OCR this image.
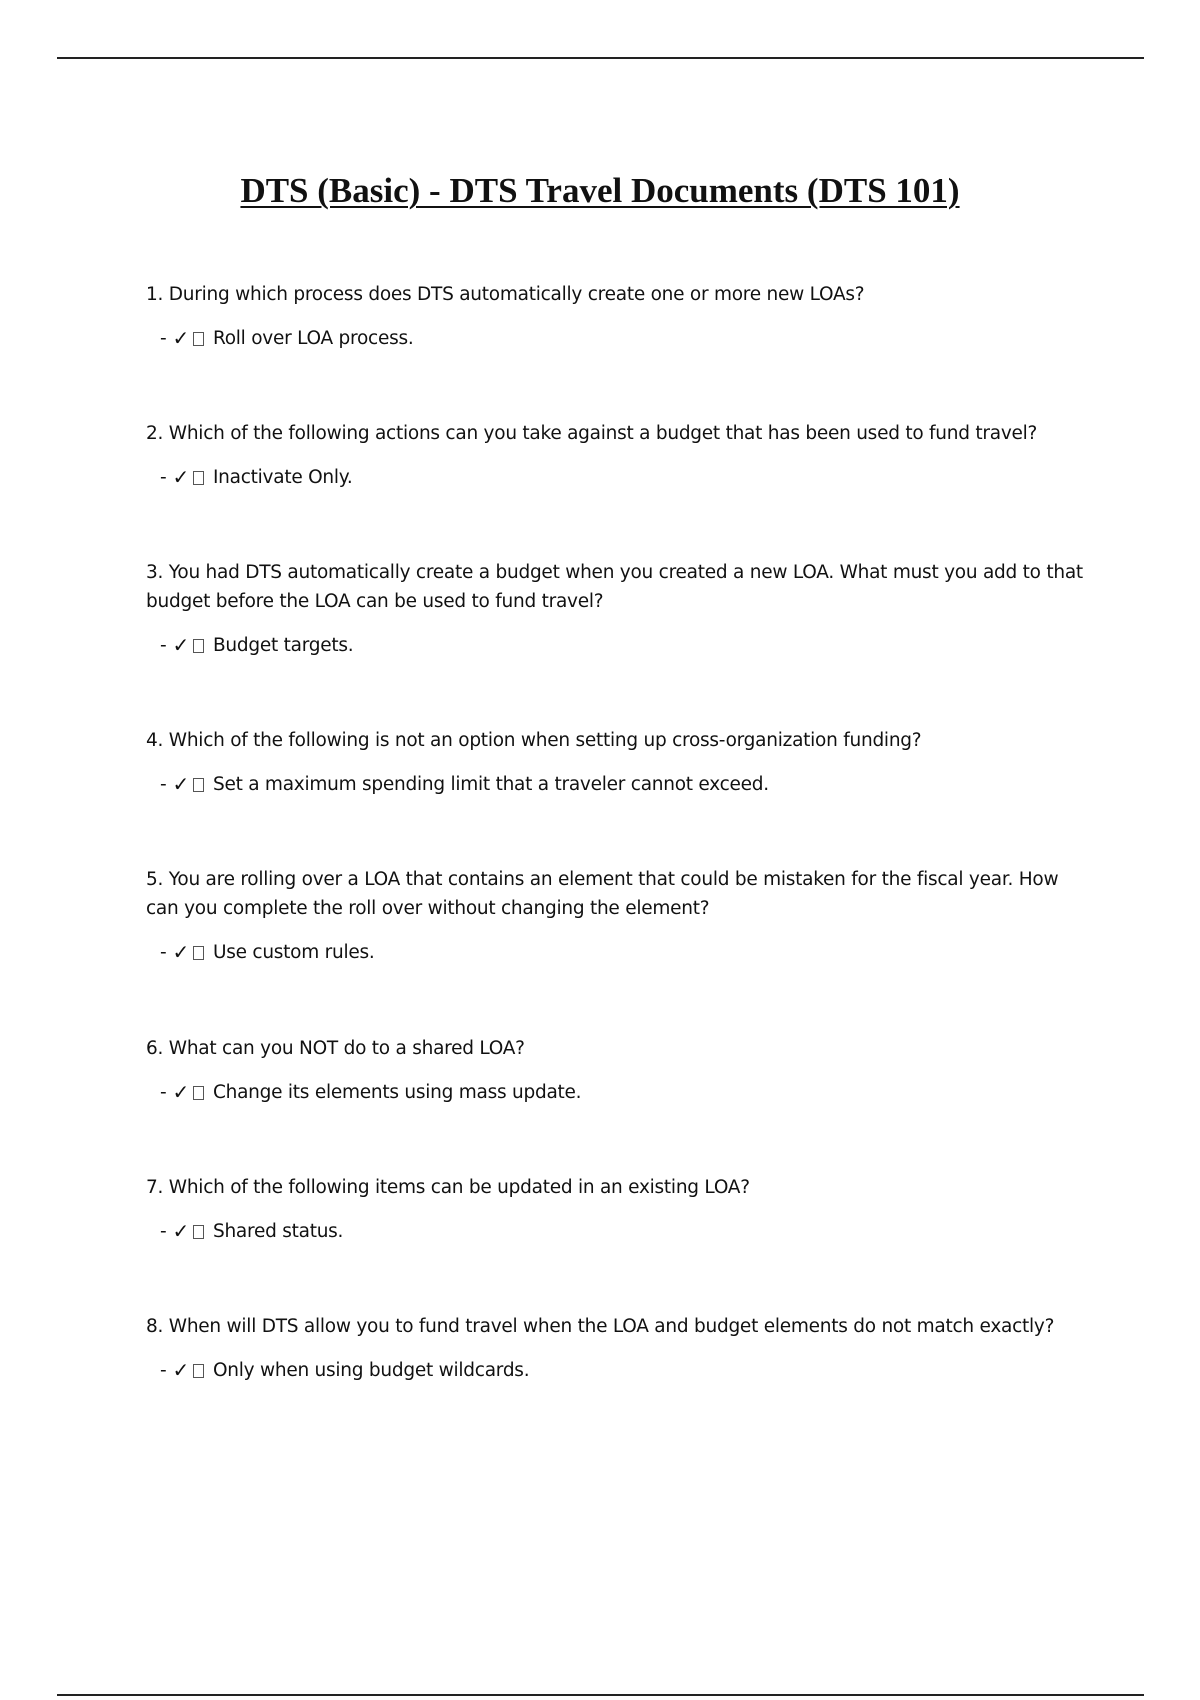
DTS (Basic) - DTS Travel Documents (DTS 101)

1. During which process does DTS automatically create one or more new LOAs?

- ✓ Roll over LOA process.

2. Which of the following actions can you take against a budget that has been used to fund travel?

- ✓ Inactivate Only.

3. You had DTS automatically create a budget when you created a new LOA. What must you add to that budget before the LOA can be used to fund travel?

- ✓ Budget targets.

4. Which of the following is not an option when setting up cross-organization funding?

- ✓ Set a maximum spending limit that a traveler cannot exceed.

5. You are rolling over a LOA that contains an element that could be mistaken for the fiscal year. How can you complete the roll over without changing the element?

- ✓ Use custom rules.

6. What can you NOT do to a shared LOA?

- ✓ Change its elements using mass update.

7. Which of the following items can be updated in an existing LOA?

- ✓ Shared status.

8. When will DTS allow you to fund travel when the LOA and budget elements do not match exactly?

- ✓ Only when using budget wildcards.
